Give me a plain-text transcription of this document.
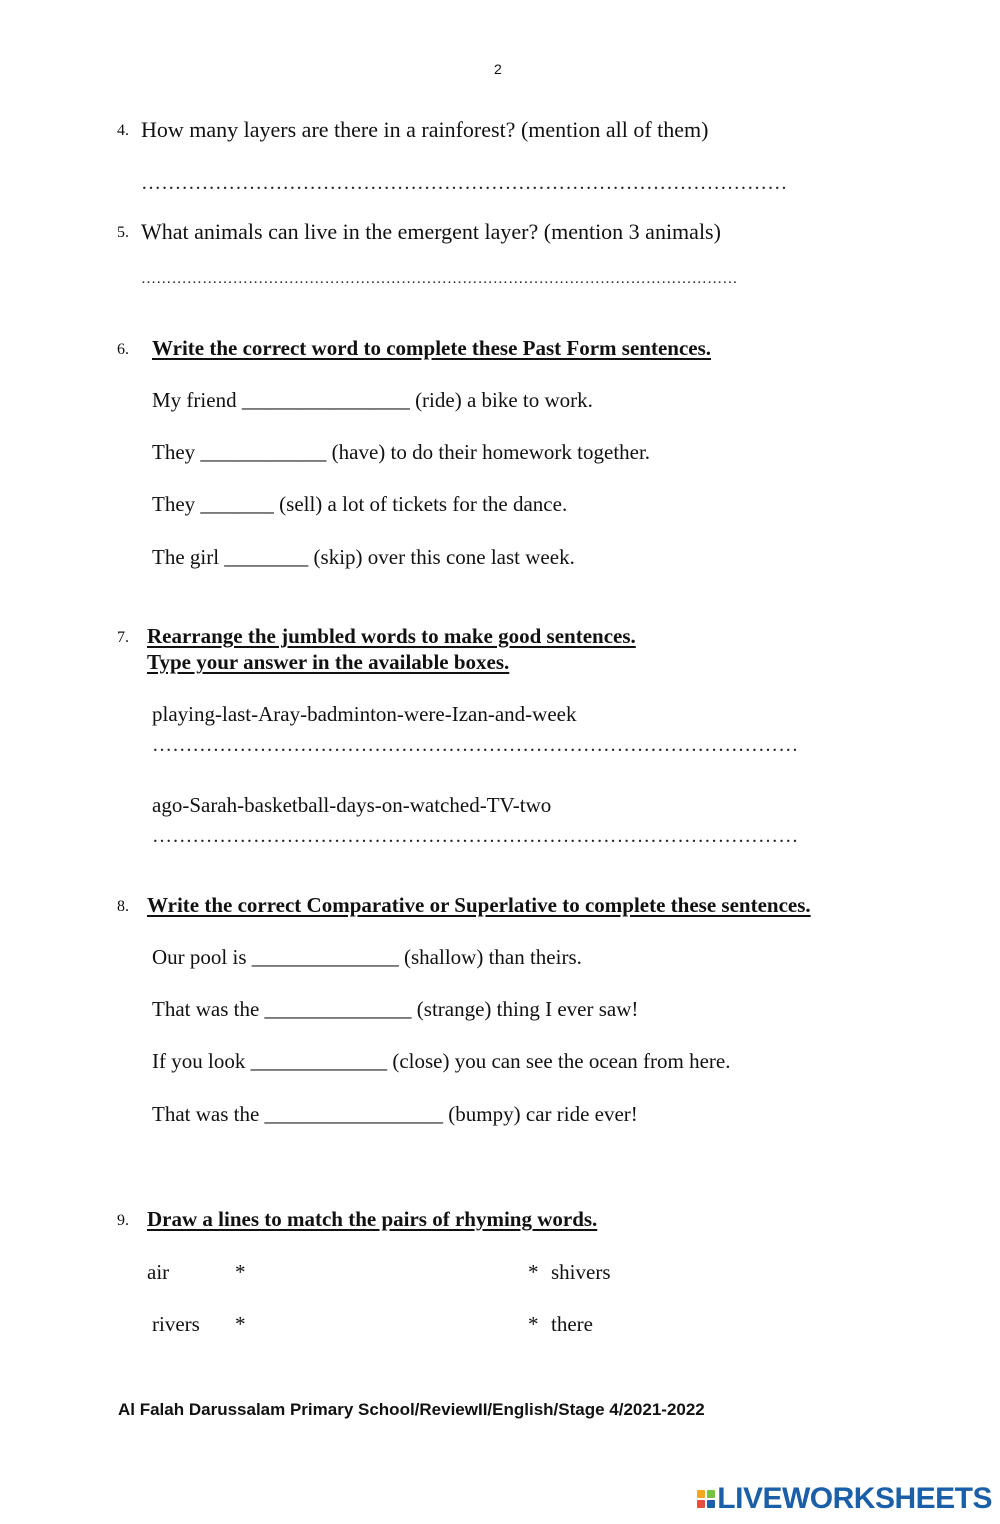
2
4. How many layers are there in a rainforest? (mention all of them)
……………………………………………………………………………………
5. What animals can live in the emergent layer? (mention 3 animals)
………………………………………………………………………………………………………
6. Write the correct word to complete these Past Form sentences.
My friend ________________ (ride) a bike to work.
They ____________ (have) to do their homework together.
They _______ (sell) a lot of tickets for the dance.
The girl ________ (skip) over this cone last week.
7. Rearrange the jumbled words to make good sentences.
Type your answer in the available boxes.
playing-last-Aray-badminton-were-Izan-and-week
……………………………………………………………………………………
ago-Sarah-basketball-days-on-watched-TV-two
……………………………………………………………………………………
8. Write the correct Comparative or Superlative to complete these sentences.
Our pool is ______________ (shallow) than theirs.
That was the ______________ (strange) thing I ever saw!
If you look _____________ (close) you can see the ocean from here.
That was the _________________ (bumpy) car ride ever!
9. Draw a lines to match the pairs of rhyming words.
air	*	* shivers
rivers *	* there
Al Falah Darussalam Primary School/ReviewII/English/Stage 4/2021-2022
LIVEWORKSHEETS
